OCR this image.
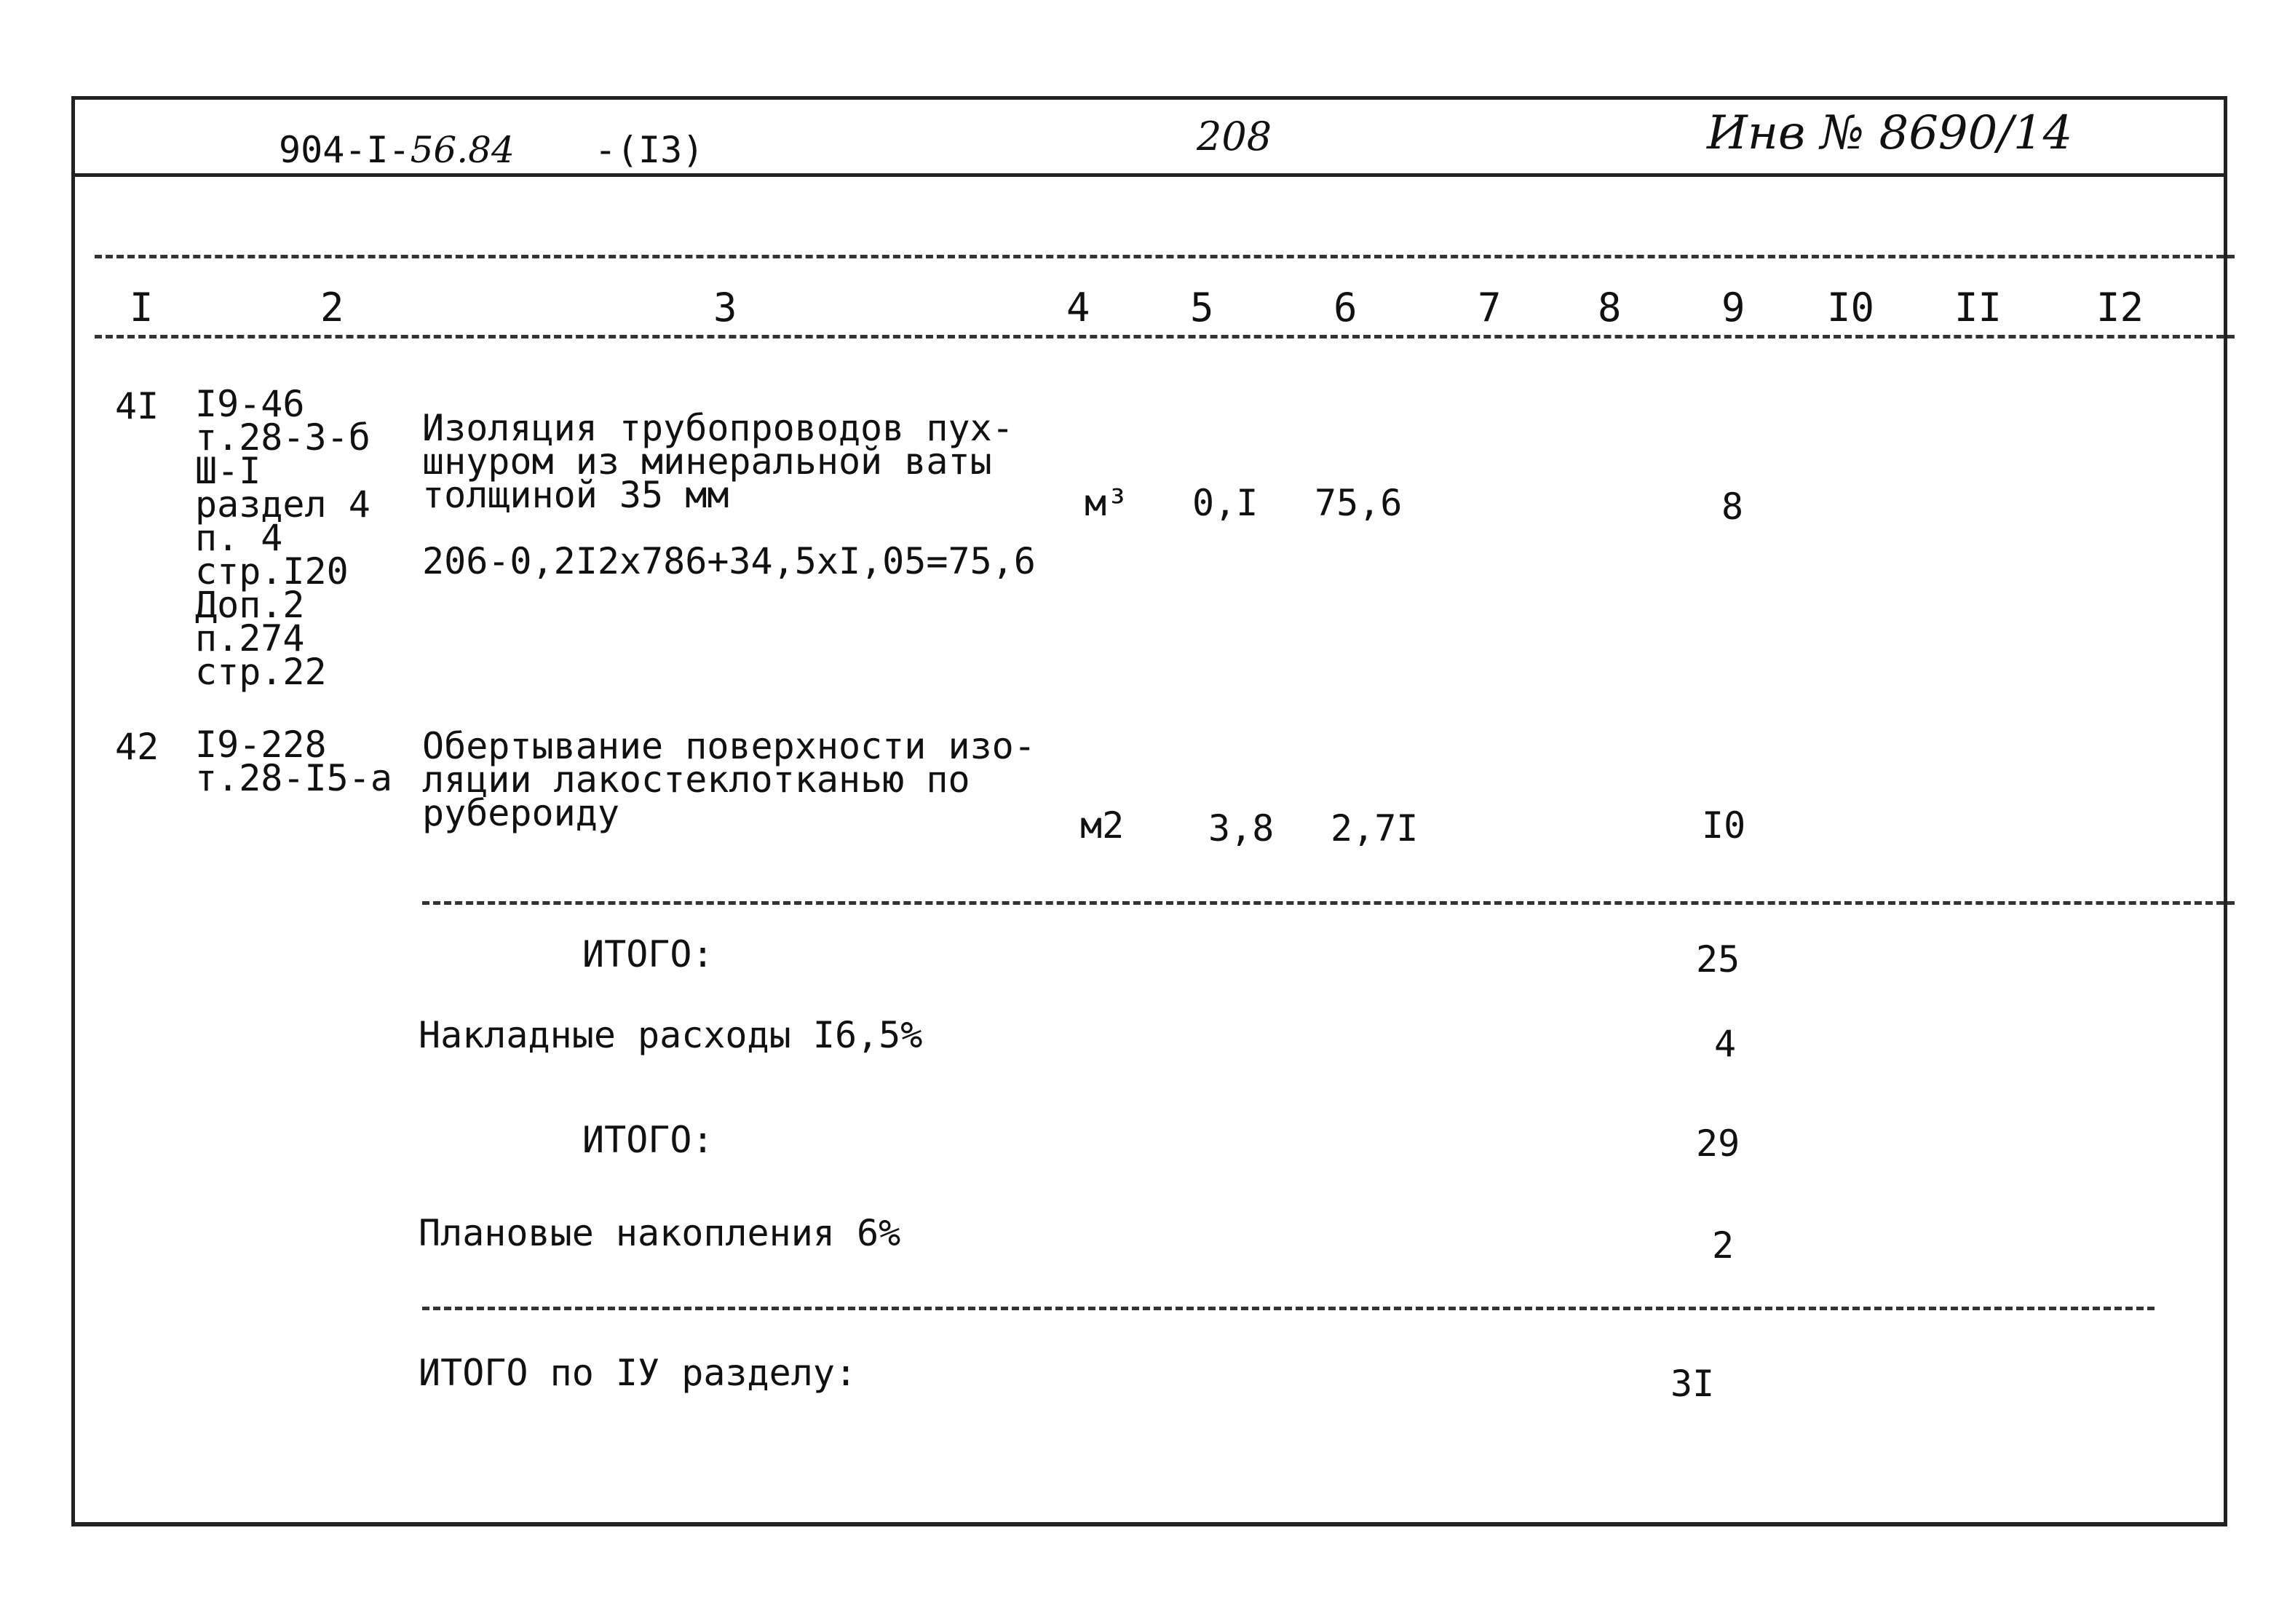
904-I-56.84 -(I3)	208	Инв № 8690/14
I	2	3	4	5	6	7 8	9 I0 II I2
4I I9-46
т.28-3-б
Ш-I
раздел 4
п. 4
стр.I20
Доп.2
п.274
стр.22
Изоляция трубопроводов пух-
шнуром из минеральной ваты
толщиной 35 мм
206-0,2I2х786+34,5хI,05=75,6
м³ 0,I 75,6	8
42 I9-228
т.28-I5-а
Обертывание поверхности изо-
ляции лакостеклотканью по
рубероиду	м2 3,8 2,7I	I0
ИТОГО:	25
Накладные расходы I6,5%	4
ИТОГО:	29
Плановые накопления 6%	2
ИТОГО по IУ разделу:	3I
